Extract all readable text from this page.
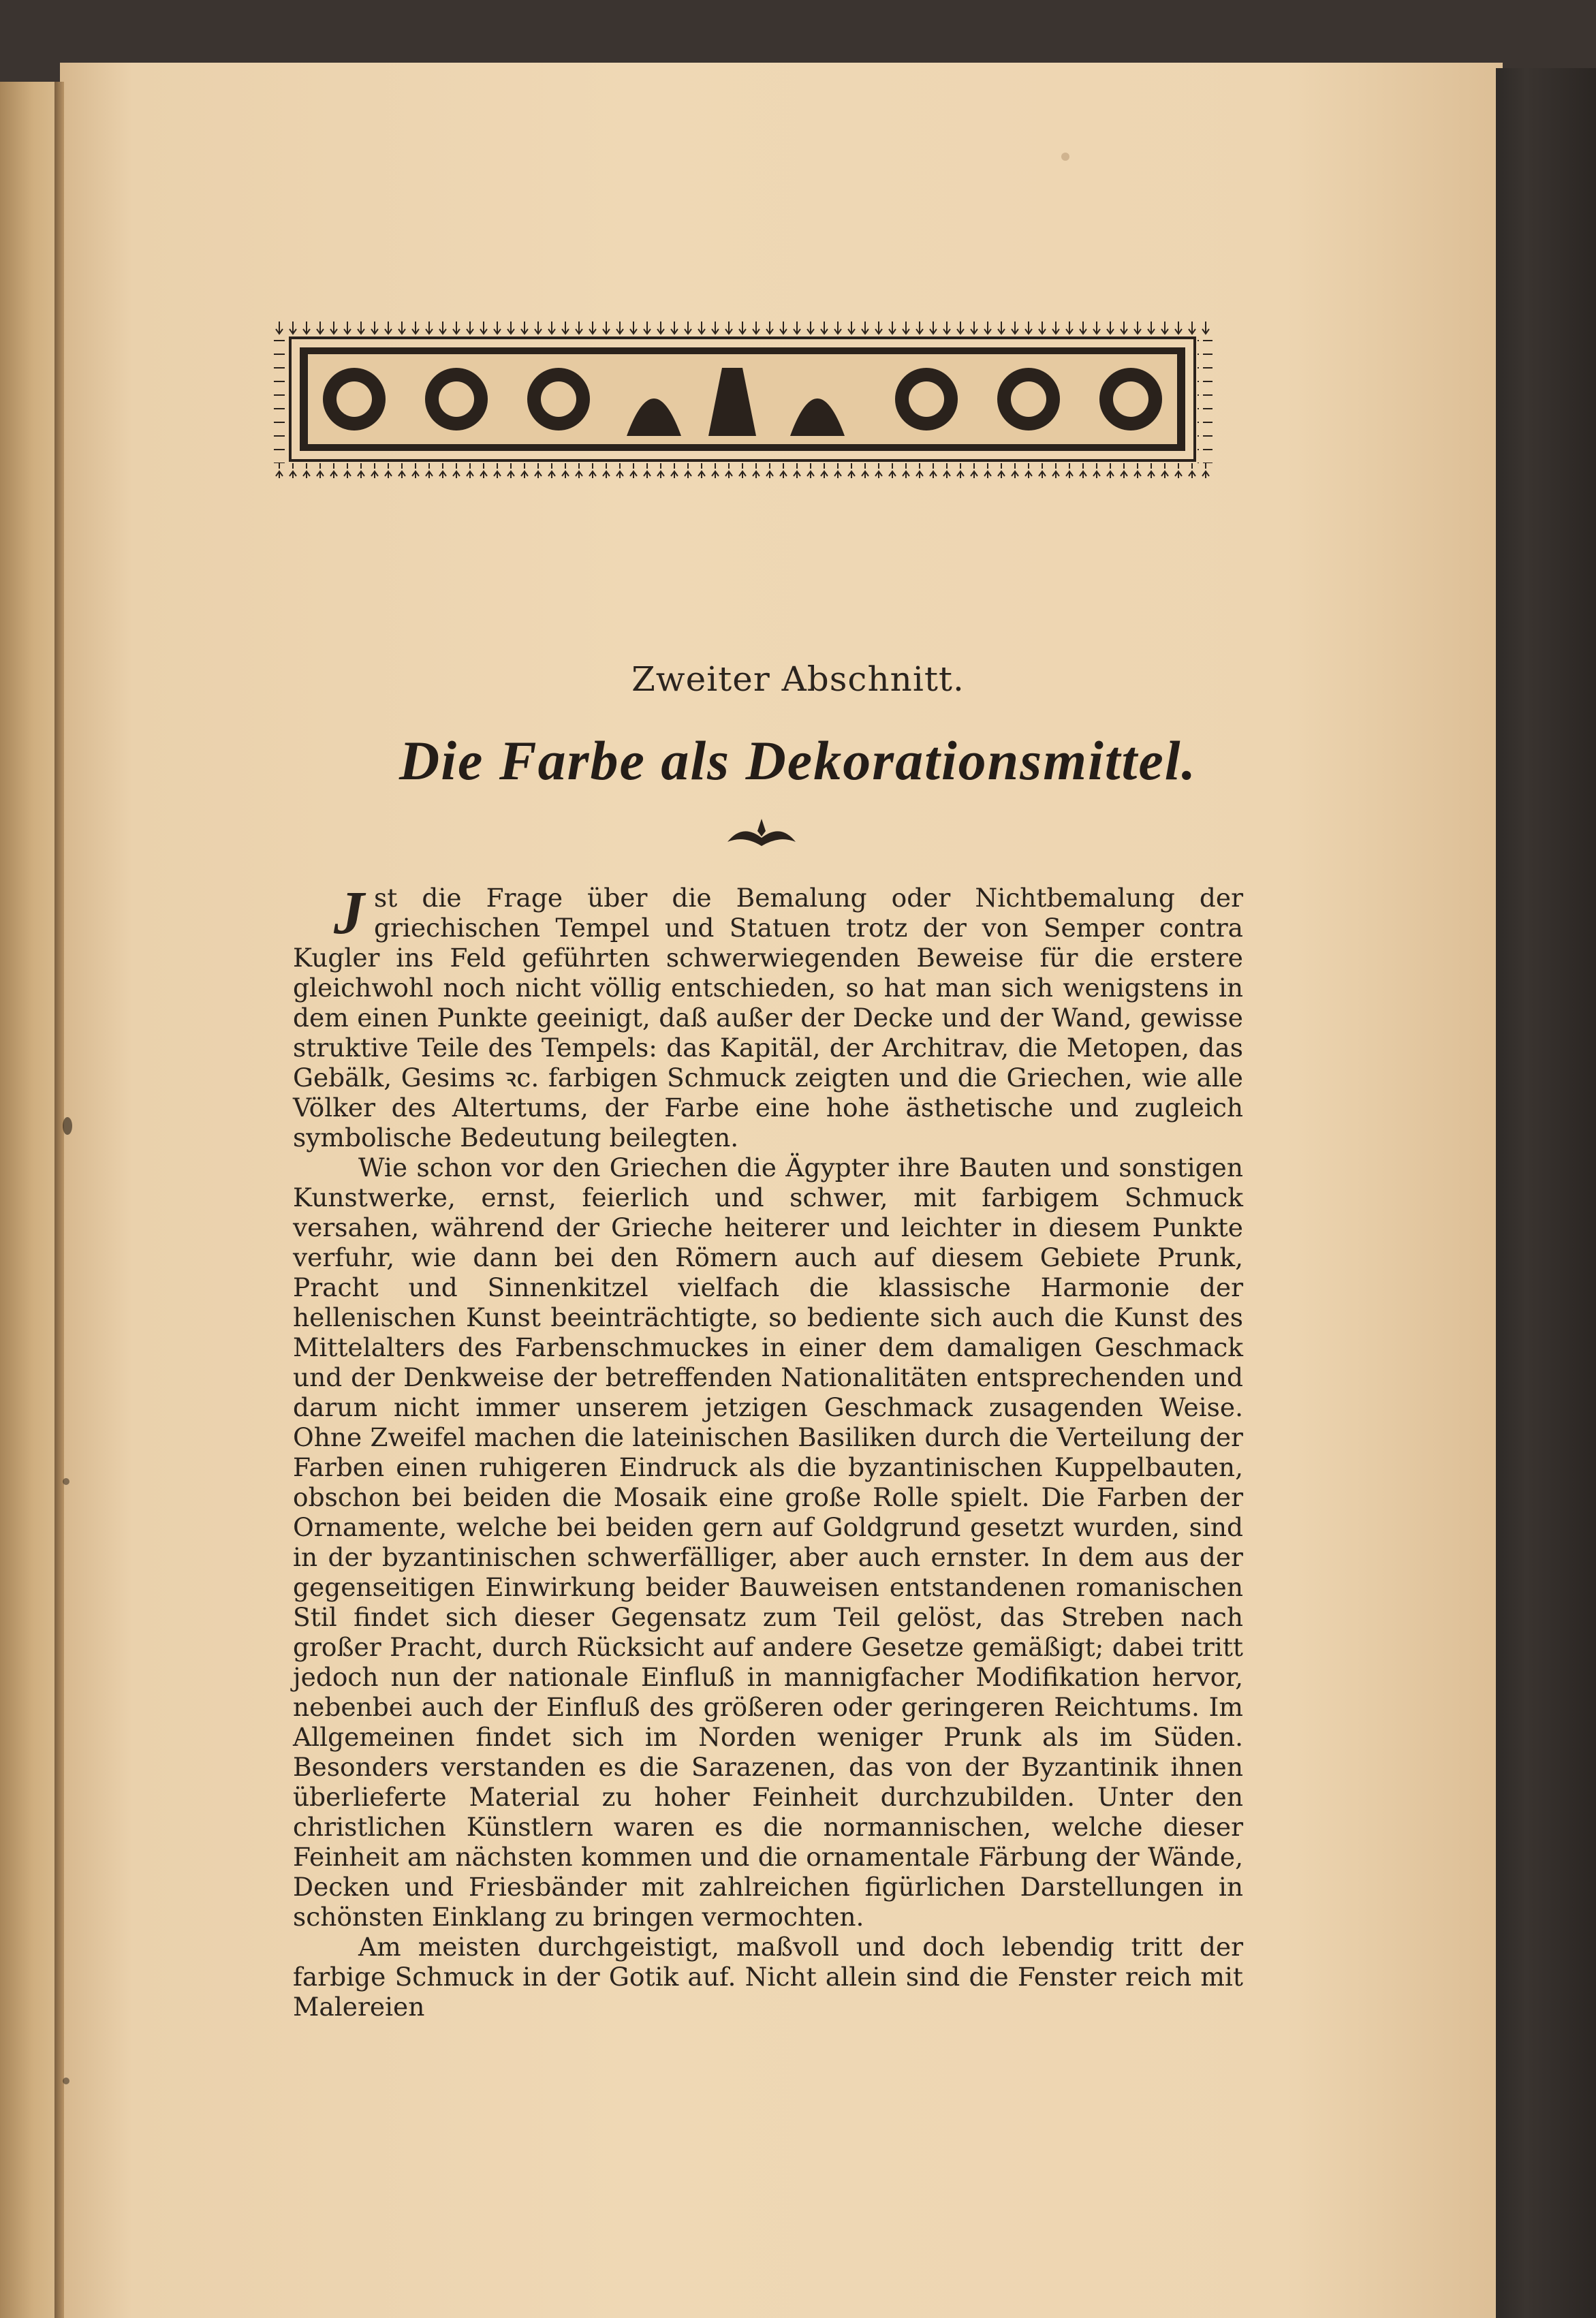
Zweiter Abschnitt.
Die Farbe als Dekorationsmittel.

J st die Frage über die Bemalung oder Nichtbemalung der griechischen Tempel und Statuen trotz der von Semper contra Kugler ins Feld geführten schwerwiegenden Beweise für die erstere gleichwohl noch nicht völlig entschieden, so hat man sich wenigstens in dem einen Punkte geeinigt, daß außer der Decke und der Wand, gewisse struktive Teile des Tempels: das Kapitäl, der Architrav, die Metopen, das Gebälk, Gesims ꝛc. farbigen Schmuck zeigten und die Griechen, wie alle Völker des Altertums, der Farbe eine hohe ästhetische und zugleich symbolische Bedeutung beilegten.

Wie schon vor den Griechen die Ägypter ihre Bauten und sonstigen Kunstwerke, ernst, feierlich und schwer, mit farbigem Schmuck versahen, während der Grieche heiterer und leichter in diesem Punkte verfuhr, wie dann bei den Römern auch auf diesem Gebiete Prunk, Pracht und Sinnenkitzel vielfach die klassische Harmonie der hellenischen Kunst beeinträchtigte, so bediente sich auch die Kunst des Mittelalters des Farbenschmuckes in einer dem damaligen Geschmack und der Denkweise der betreffenden Nationalitäten entsprechenden und darum nicht immer unserem jetzigen Geschmack zusagenden Weise. Ohne Zweifel machen die lateinischen Basiliken durch die Verteilung der Farben einen ruhigeren Eindruck als die byzantinischen Kuppelbauten, obschon bei beiden die Mosaik eine große Rolle spielt. Die Farben der Ornamente, welche bei beiden gern auf Goldgrund gesetzt wurden, sind in der byzantinischen schwerfälliger, aber auch ernster. In dem aus der gegenseitigen Einwirkung beider Bauweisen entstandenen romanischen Stil findet sich dieser Gegensatz zum Teil gelöst, das Streben nach großer Pracht, durch Rücksicht auf andere Gesetze gemäßigt; dabei tritt jedoch nun der nationale Einfluß in mannigfacher Modifikation hervor, nebenbei auch der Einfluß des größeren oder geringeren Reichtums. Im Allgemeinen findet sich im Norden weniger Prunk als im Süden. Besonders verstanden es die Sarazenen, das von der Byzantinik ihnen überlieferte Material zu hoher Feinheit durchzubilden. Unter den christlichen Künstlern waren es die normannischen, welche dieser Feinheit am nächsten kommen und die ornamentale Färbung der Wände, Decken und Friesbänder mit zahlreichen figürlichen Darstellungen in schönsten Einklang zu bringen vermochten.

Am meisten durchgeistigt, maßvoll und doch lebendig tritt der farbige Schmuck in der Gotik auf. Nicht allein sind die Fenster reich mit Malereien
